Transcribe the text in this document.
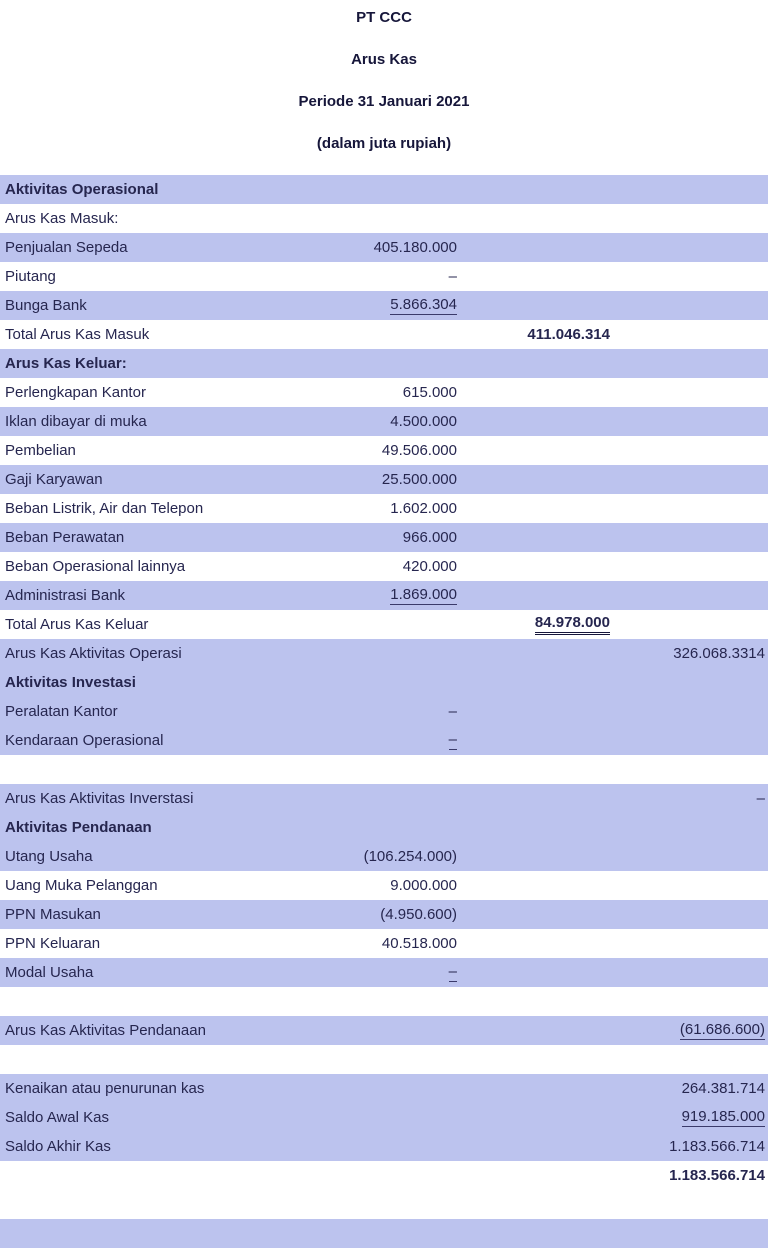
PT CCC
Arus Kas
Periode 31 Januari 2021
(dalam juta rupiah)
Aktivitas Operasional			
Arus Kas Masuk:			
Penjualan Sepeda	405.180.000		
Piutang	–		
Bunga Bank	5.866.304		
Total Arus Kas Masuk		411.046.314	
Arus Kas Keluar:			
Perlengkapan Kantor	615.000		
Iklan dibayar di muka	4.500.000		
Pembelian	49.506.000		
Gaji Karyawan	25.500.000		
Beban Listrik, Air dan Telepon	1.602.000		
Beban Perawatan	966.000		
Beban Operasional lainnya	420.000		
Administrasi Bank	1.869.000		
Total Arus Kas Keluar		84.978.000	
Arus Kas Aktivitas Operasi			326.068.3314
Aktivitas Investasi			
Peralatan Kantor	–		
Kendaraan Operasional	–		

Arus Kas Aktivitas Inverstasi			–
Aktivitas Pendanaan			
Utang Usaha	(106.254.000)		
Uang Muka Pelanggan	9.000.000		
PPN Masukan	(4.950.600)		
PPN Keluaran	40.518.000		
Modal Usaha	–		

Arus Kas Aktivitas Pendanaan			(61.686.600)

Kenaikan atau penurunan kas			264.381.714
Saldo Awal Kas			919.185.000
Saldo Akhir Kas			1.183.566.714
			1.183.566.714
